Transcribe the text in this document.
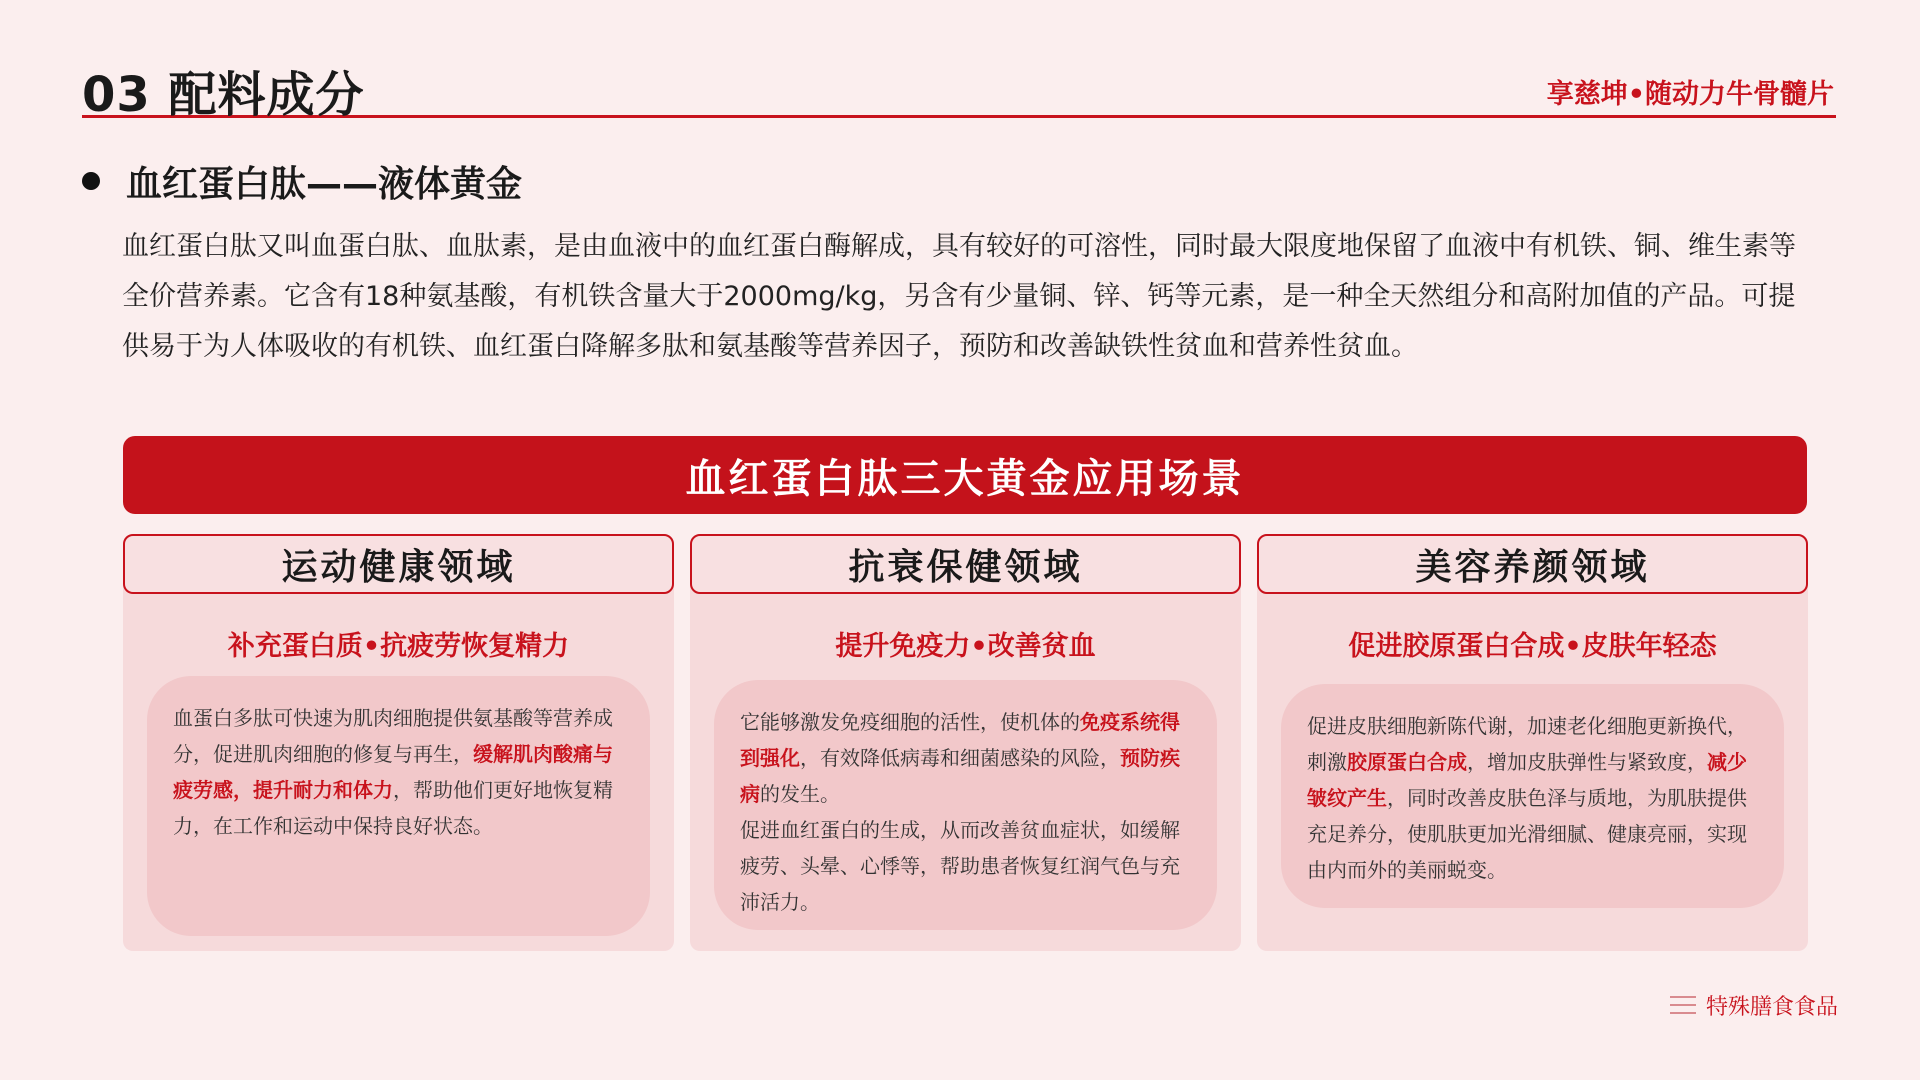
03 配料成分	享慈坤•随动力牛骨髓片
血红蛋白肽——液体黄金
血红蛋白肽又叫血蛋白肽、血肽素，是由血液中的血红蛋白酶解成，具有较好的可溶性，同时最大限度地保留了血液中有机铁、铜、维生素等全价营养素。它含有18种氨基酸，有机铁含量大于2000mg/kg，另含有少量铜、锌、钙等元素，是一种全天然组分和高附加值的产品。可提供易于为人体吸收的有机铁、血红蛋白降解多肽和氨基酸等营养因子，预防和改善缺铁性贫血和营养性贫血。
血红蛋白肽三大黄金应用场景
运动健康领域
补充蛋白质•抗疲劳恢复精力
血蛋白多肽可快速为肌肉细胞提供氨基酸等营养成分，促进肌肉细胞的修复与再生，缓解肌肉酸痛与疲劳感，提升耐力和体力，帮助他们更好地恢复精力，在工作和运动中保持良好状态。
抗衰保健领域
提升免疫力•改善贫血
它能够激发免疫细胞的活性，使机体的免疫系统得到强化，有效降低病毒和细菌感染的风险，预防疾病的发生。
促进血红蛋白的生成，从而改善贫血症状，如缓解疲劳、头晕、心悸等，帮助患者恢复红润气色与充沛活力。
美容养颜领域
促进胶原蛋白合成•皮肤年轻态
促进皮肤细胞新陈代谢，加速老化细胞更新换代，刺激胶原蛋白合成，增加皮肤弹性与紧致度，减少皱纹产生，同时改善皮肤色泽与质地，为肌肤提供充足养分，使肌肤更加光滑细腻、健康亮丽，实现由内而外的美丽蜕变。
特殊膳食食品
